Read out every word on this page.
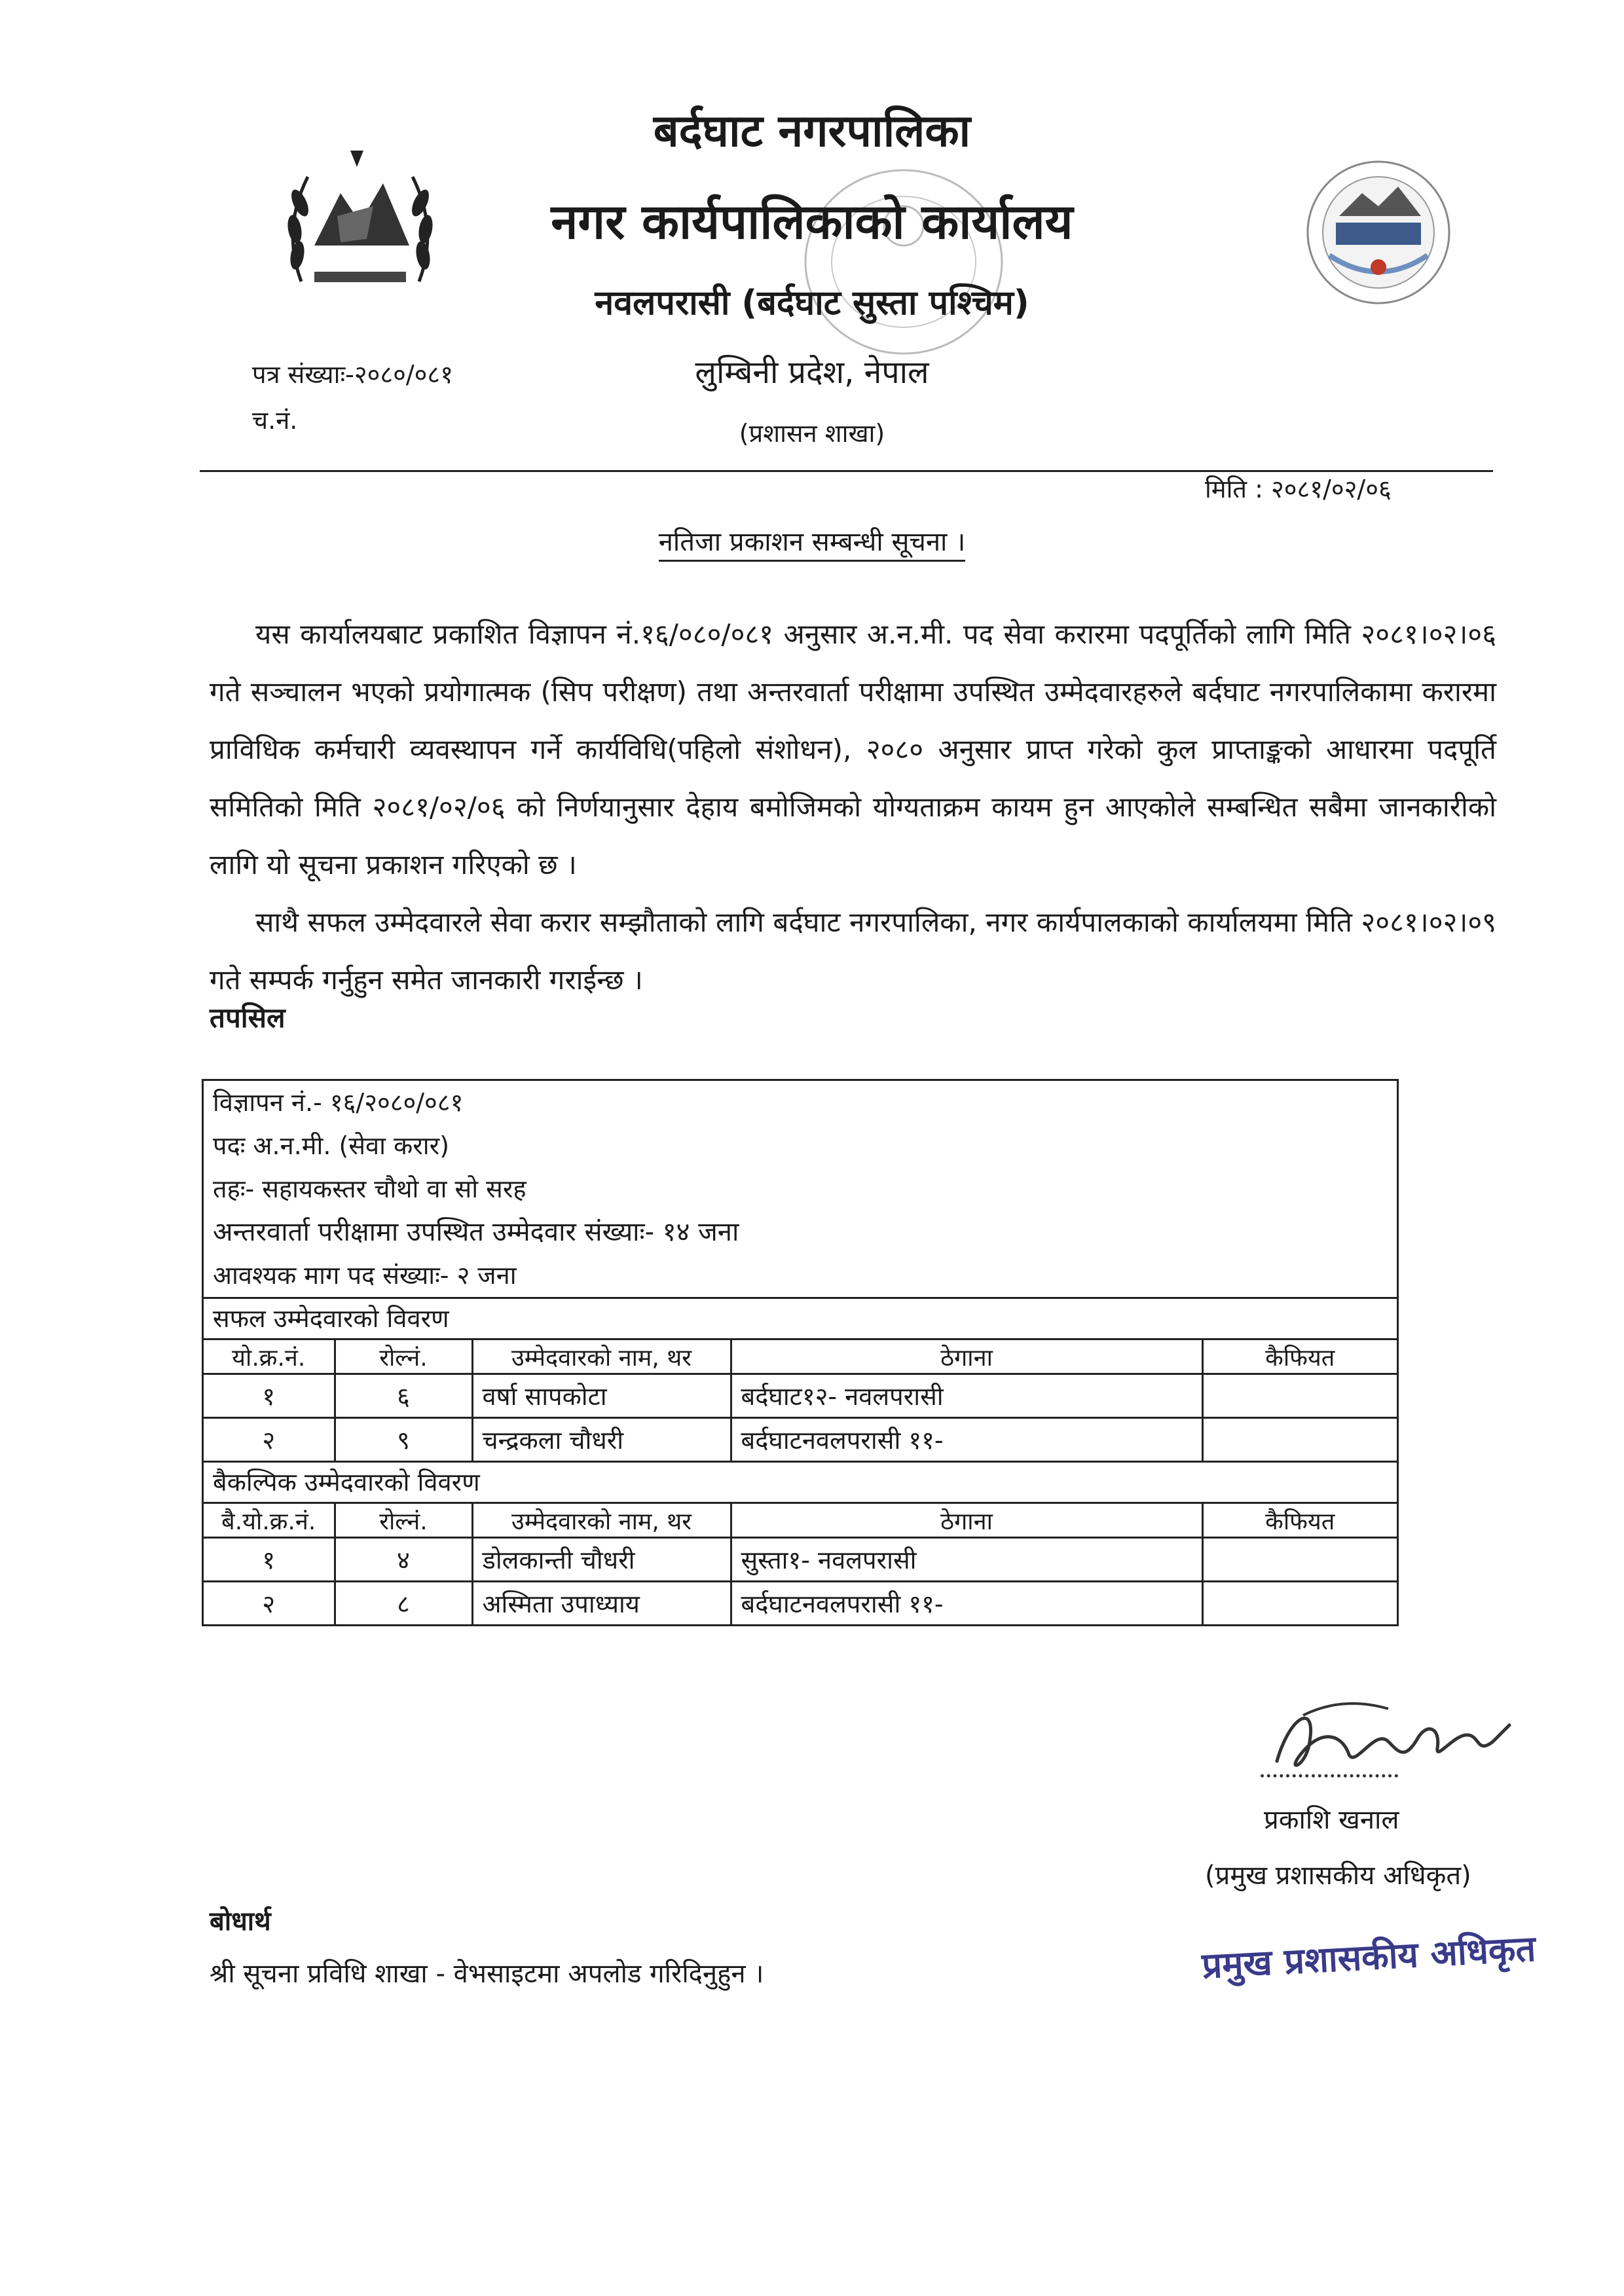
बर्दघाट नगरपालिका
नगर कार्यपालिकाको कार्यालय
नवलपरासी (बर्दघाट सुस्ता पश्चिम)
लुम्बिनी प्रदेश, नेपाल
(प्रशासन शाखा)
पत्र संख्याः-२०८०/०८१
च.नं.
मिति : २०८१/०२/०६
नतिजा प्रकाशन सम्बन्धी सूचना ।

यस कार्यालयबाट प्रकाशित विज्ञापन नं.१६/०८०/०८१ अनुसार अ.न.मी. पद सेवा करारमा पदपूर्तिको लागि मिति २०८१।०२।०६ गते सञ्चालन भएको प्रयोगात्मक (सिप परीक्षण) तथा अन्तरवार्ता परीक्षामा उपस्थित उम्मेदवारहरुले बर्दघाट नगरपालिकामा करारमा प्राविधिक कर्मचारी व्यवस्थापन गर्ने कार्यविधि(पहिलो संशोधन), २०८० अनुसार प्राप्त गरेको कुल प्राप्ताङ्कको आधारमा पदपूर्ति समितिको मिति २०८१/०२/०६ को निर्णयानुसार देहाय बमोजिमको योग्यताक्रम कायम हुन आएकोले सम्बन्धित सबैमा जानकारीको लागि यो सूचना प्रकाशन गरिएको छ ।

साथै सफल उम्मेदवारले सेवा करार सम्झौताको लागि बर्दघाट नगरपालिका, नगर कार्यपालकाको कार्यालयमा मिति २०८१।०२।०९ गते सम्पर्क गर्नुहुन समेत जानकारी गराईन्छ ।

तपसिल
विज्ञापन नं.- १६/२०८०/०८१
पदः अ.न.मी. (सेवा करार)
तहः- सहायकस्तर चौथो वा सो सरह
अन्तरवार्ता परीक्षामा उपस्थित उम्मेदवार संख्याः- १४ जना
आवश्यक माग पद संख्याः- २ जना
सफल उम्मेदवारको विवरण
यो.क्र.नं.	रोल्नं.	उम्मेदवारको नाम, थर	ठेगाना	कैफियत
१	६	वर्षा सापकोटा	बर्दघाट१२- नवलपरासी	
२	९	चन्द्रकला चौधरी	बर्दघाटनवलपरासी ११-	
बैकल्पिक उम्मेदवारको विवरण
बै.यो.क्र.नं.	रोल्नं.	उम्मेदवारको नाम, थर	ठेगाना	कैफियत
१	४	डोलकान्ती चौधरी	सुस्ता१- नवलपरासी	
२	८	अस्मिता उपाध्याय	बर्दघाटनवलपरासी ११-	
प्रकाशि खनाल
(प्रमुख प्रशासकीय अधिकृत)
प्रमुख प्रशासकीय अधिकृत
बोधार्थ
श्री सूचना प्रविधि शाखा - वेभसाइटमा अपलोड गरिदिनुहुन ।
